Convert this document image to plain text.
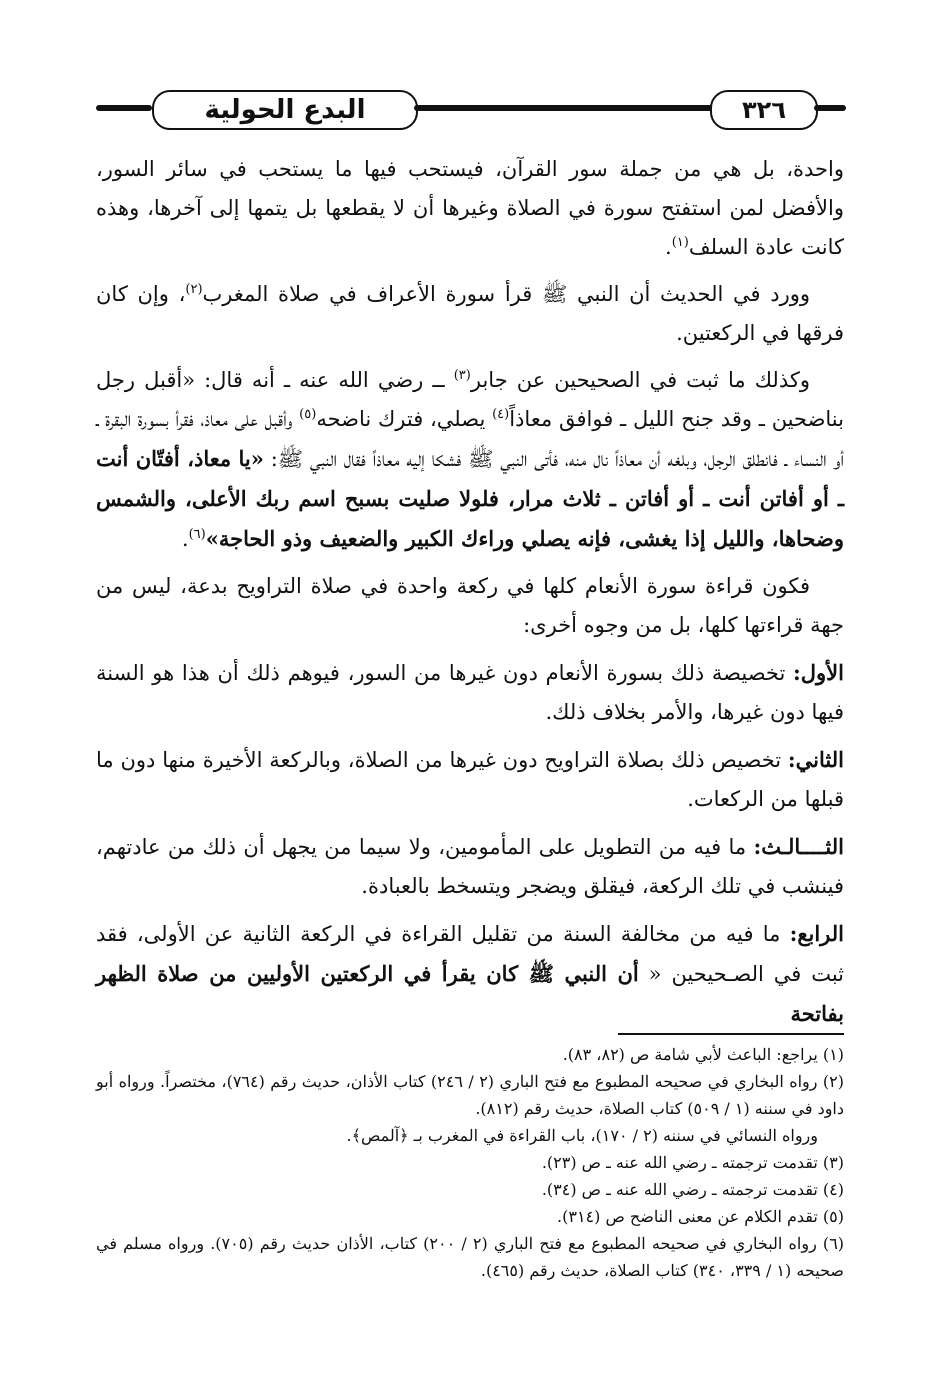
البدع الحولية	٣٢٦

واحدة، بل هي من جملة سور القرآن، فيستحب فيها ما يستحب في سائر السور، والأفضل لمن استفتح سورة في الصلاة وغيرها أن لا يقطعها بل يتمها إلى آخرها، وهذه كانت عادة السلف$^{(١)}$.

وورد في الحديث أن النبي ﷺ قرأ سورة الأعراف في صلاة المغرب$^{(٢)}$، وإن كان فرقها في الركعتين.

وكذلك ما ثبت في الصحيحين عن جابر$^{(٣)}$ ــ رضي الله عنه ـ أنه قال: «أقبل رجل بناضحين ـ وقد جنح الليل ـ فوافق معاذاً$^{(٤)}$ يصلي، فترك ناضحه$^{(٥)}$ وأقبل على معاذ، فقرأ بسورة البقرة ـ أو النساء ـ فانطلق الرجل، وبلغه أن معاذاً نال منه، فأتى النبي ﷺ فشكا إليه معاذاً فقال النبي ﷺ: «يا معاذ، أفتّان أنت ـ أو أفاتن أنت ـ أو أفاتن ـ ثلاث مرار، فلولا صليت بسبح اسم ربك الأعلى، والشمس وضحاها، والليل إذا يغشى، فإنه يصلي وراءك الكبير والضعيف وذو الحاجة»$^{(٦)}$.

فكون قراءة سورة الأنعام كلها في ركعة واحدة في صلاة التراويح بدعة، ليس من جهة قراءتها كلها، بل من وجوه أخرى:

الأول: تخصيصة ذلك بسورة الأنعام دون غيرها من السور، فيوهم ذلك أن هذا هو السنة فيها دون غيرها، والأمر بخلاف ذلك.

الثاني: تخصيص ذلك بصلاة التراويح دون غيرها من الصلاة، وبالركعة الأخيرة منها دون ما قبلها من الركعات.

الثــــالـث: ما فيه من التطويل على المأمومين، ولا سيما من يجهل أن ذلك من عادتهم، فينشب في تلك الركعة، فيقلق ويضجر ويتسخط بالعبادة.

الرابع: ما فيه من مخالفة السنة من تقليل القراءة في الركعة الثانية عن الأولى، فقد ثبت في الصـحيحين « أن النبي ﷺ كان يقرأ في الركعتين الأوليين من صلاة الظهر بفاتحة

(١) يراجع: الباعث لأبي شامة ص (٨٢، ٨٣).

(٢) رواه البخاري في صحيحه المطبوع مع فتح الباري (٢ / ٢٤٦) كتاب الأذان، حديث رقم (٧٦٤)، مختصراً. ورواه أبو داود في سننه (١ / ٥٠٩) كتاب الصلاة، حديث رقم (٨١٢).

ورواه النسائي في سننه (٢ / ١٧٠)، باب القراءة في المغرب بـ ﴿آلمص﴾.

(٣) تقدمت ترجمته ـ رضي الله عنه ـ ص (٢٣).

(٤) تقدمت ترجمته ـ رضي الله عنه ـ ص (٣٤).

(٥) تقدم الكلام عن معنى الناضح ص (٣١٤).

(٦) رواه البخاري في صحيحه المطبوع مع فتح الباري (٢ / ٢٠٠) كتاب، الأذان حديث رقم (٧٠٥). ورواه مسلم في صحيحه (١ / ٣٣٩، ٣٤٠) كتاب الصلاة، حديث رقم (٤٦٥).
